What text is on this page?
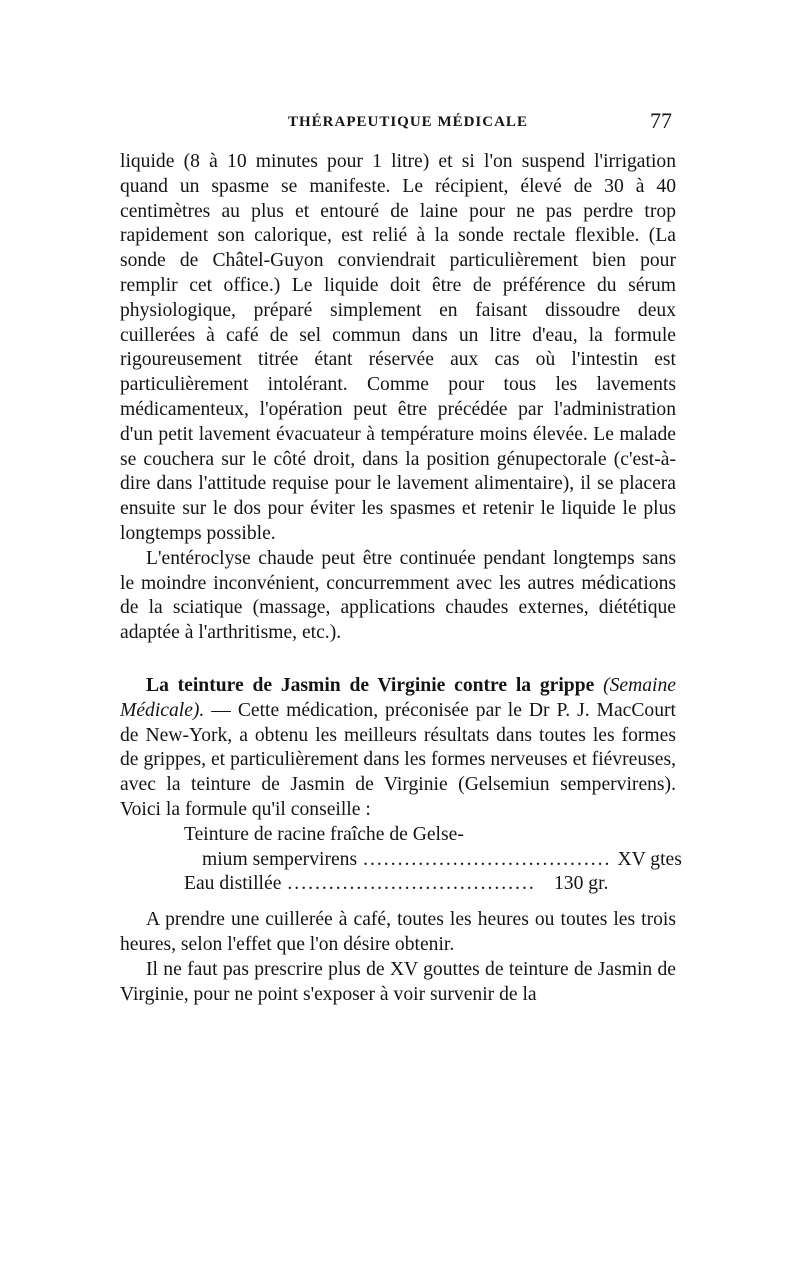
THÉRAPEUTIQUE MÉDICALE	77

liquide (8 à 10 minutes pour 1 litre) et si l'on suspend l'irrigation quand un spasme se manifeste. Le récipient, élevé de 30 à 40 centimètres au plus et entouré de laine pour ne pas perdre trop rapidement son calorique, est relié à la sonde rectale flexible. (La sonde de Châtel-Guyon conviendrait particulièrement bien pour remplir cet office.) Le liquide doit être de préférence du sérum physiologique, préparé simplement en faisant dissoudre deux cuillerées à café de sel commun dans un litre d'eau, la formule rigoureusement titrée étant réservée aux cas où l'intestin est particulièrement intolérant. Comme pour tous les lavements médicamenteux, l'opération peut être précédée par l'administration d'un petit lavement évacuateur à température moins élevée. Le malade se couchera sur le côté droit, dans la position génupectorale (c'est-à-dire dans l'attitude requise pour le lavement alimentaire), il se placera ensuite sur le dos pour éviter les spasmes et retenir le liquide le plus longtemps possible.

L'entéroclyse chaude peut être continuée pendant longtemps sans le moindre inconvénient, concurremment avec les autres médications de la sciatique (massage, applications chaudes externes, diététique adaptée à l'arthritisme, etc.).

La teinture de Jasmin de Virginie contre la grippe (Semaine Médicale). — Cette médication, préconisée par le Dr P. J. MacCourt de New-York, a obtenu les meilleurs résultats dans toutes les formes de grippes, et particulièrement dans les formes nerveuses et fiévreuses, avec la teinture de Jasmin de Virginie (Gelsemiun sempervirens). Voici la formule qu'il conseille :

Teinture de racine fraîche de Gelse-
mium sempervirens .................................... XV gtes
Eau distillée .................................... 130 gr.

A prendre une cuillerée à café, toutes les heures ou toutes les trois heures, selon l'effet que l'on désire obtenir.

Il ne faut pas prescrire plus de XV gouttes de teinture de Jasmin de Virginie, pour ne point s'exposer à voir survenir de la
